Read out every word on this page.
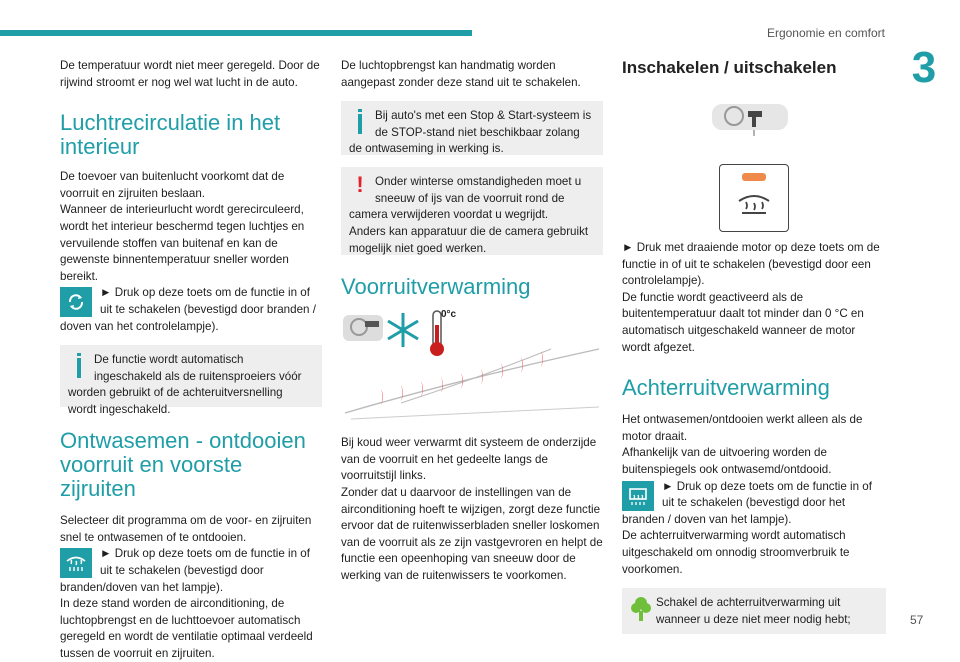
Ergonomie en comfort
3
57

De temperatuur wordt niet meer geregeld. Door de rijwind stroomt er nog wel wat lucht in de auto.

Luchtrecirculatie in het interieur

De toevoer van buitenlucht voorkomt dat de voorruit en zijruiten beslaan.
Wanneer de interieurlucht wordt gerecirculeerd, wordt het interieur beschermd tegen luchtjes en vervuilende stoffen van buitenaf en kan de gewenste binnentemperatuur sneller worden bereikt.

► Druk op deze toets om de functie in of uit te schakelen (bevestigd door branden / doven van het controlelampje).

De functie wordt automatisch ingeschakeld als de ruitensproeiers vóór worden gebruikt of de achteruitversnelling wordt ingeschakeld.

Ontwasemen - ontdooien voorruit en voorste zijruiten

Selecteer dit programma om de voor- en zijruiten snel te ontwasemen of te ontdooien.

► Druk op deze toets om de functie in of uit te schakelen (bevestigd door branden/doven van het lampje).

In deze stand worden de airconditioning, de luchtopbrengst en de luchttoevoer automatisch geregeld en wordt de ventilatie optimaal verdeeld tussen de voorruit en zijruiten.

De luchtopbrengst kan handmatig worden aangepast zonder deze stand uit te schakelen.

Bij auto's met een Stop & Start-systeem is de STOP-stand niet beschikbaar zolang de ontwaseming in werking is.

! Onder winterse omstandigheden moet u sneeuw of ijs van de voorruit rond de camera verwijderen voordat u wegrijdt.
Anders kan apparatuur die de camera gebruikt mogelijk niet goed werken.

Voorruitverwarming
0°c

Bij koud weer verwarmt dit systeem de onderzijde van de voorruit en het gedeelte langs de voorruitstijl links.
Zonder dat u daarvoor de instellingen van de airconditioning hoeft te wijzigen, zorgt deze functie ervoor dat de ruitenwisserbladen sneller loskomen van de voorruit als ze zijn vastgevroren en helpt de functie een opeenhoping van sneeuw door de werking van de ruitenwissers te voorkomen.

Inschakelen / uitschakelen

► Druk met draaiende motor op deze toets om de functie in of uit te schakelen (bevestigd door een controlelampje).
De functie wordt geactiveerd als de buitentemperatuur daalt tot minder dan 0 °C en automatisch uitgeschakeld wanneer de motor wordt afgezet.

Achterruitverwarming

Het ontwasemen/ontdooien werkt alleen als de motor draait.
Afhankelijk van de uitvoering worden de buitenspiegels ook ontwasemd/ontdooid.

► Druk op deze toets om de functie in of uit te schakelen (bevestigd door het branden / doven van het lampje).

De achterruitverwarming wordt automatisch uitgeschakeld om onnodig stroomverbruik te voorkomen.

Schakel de achterruitverwarming uit wanneer u deze niet meer nodig hebt;
